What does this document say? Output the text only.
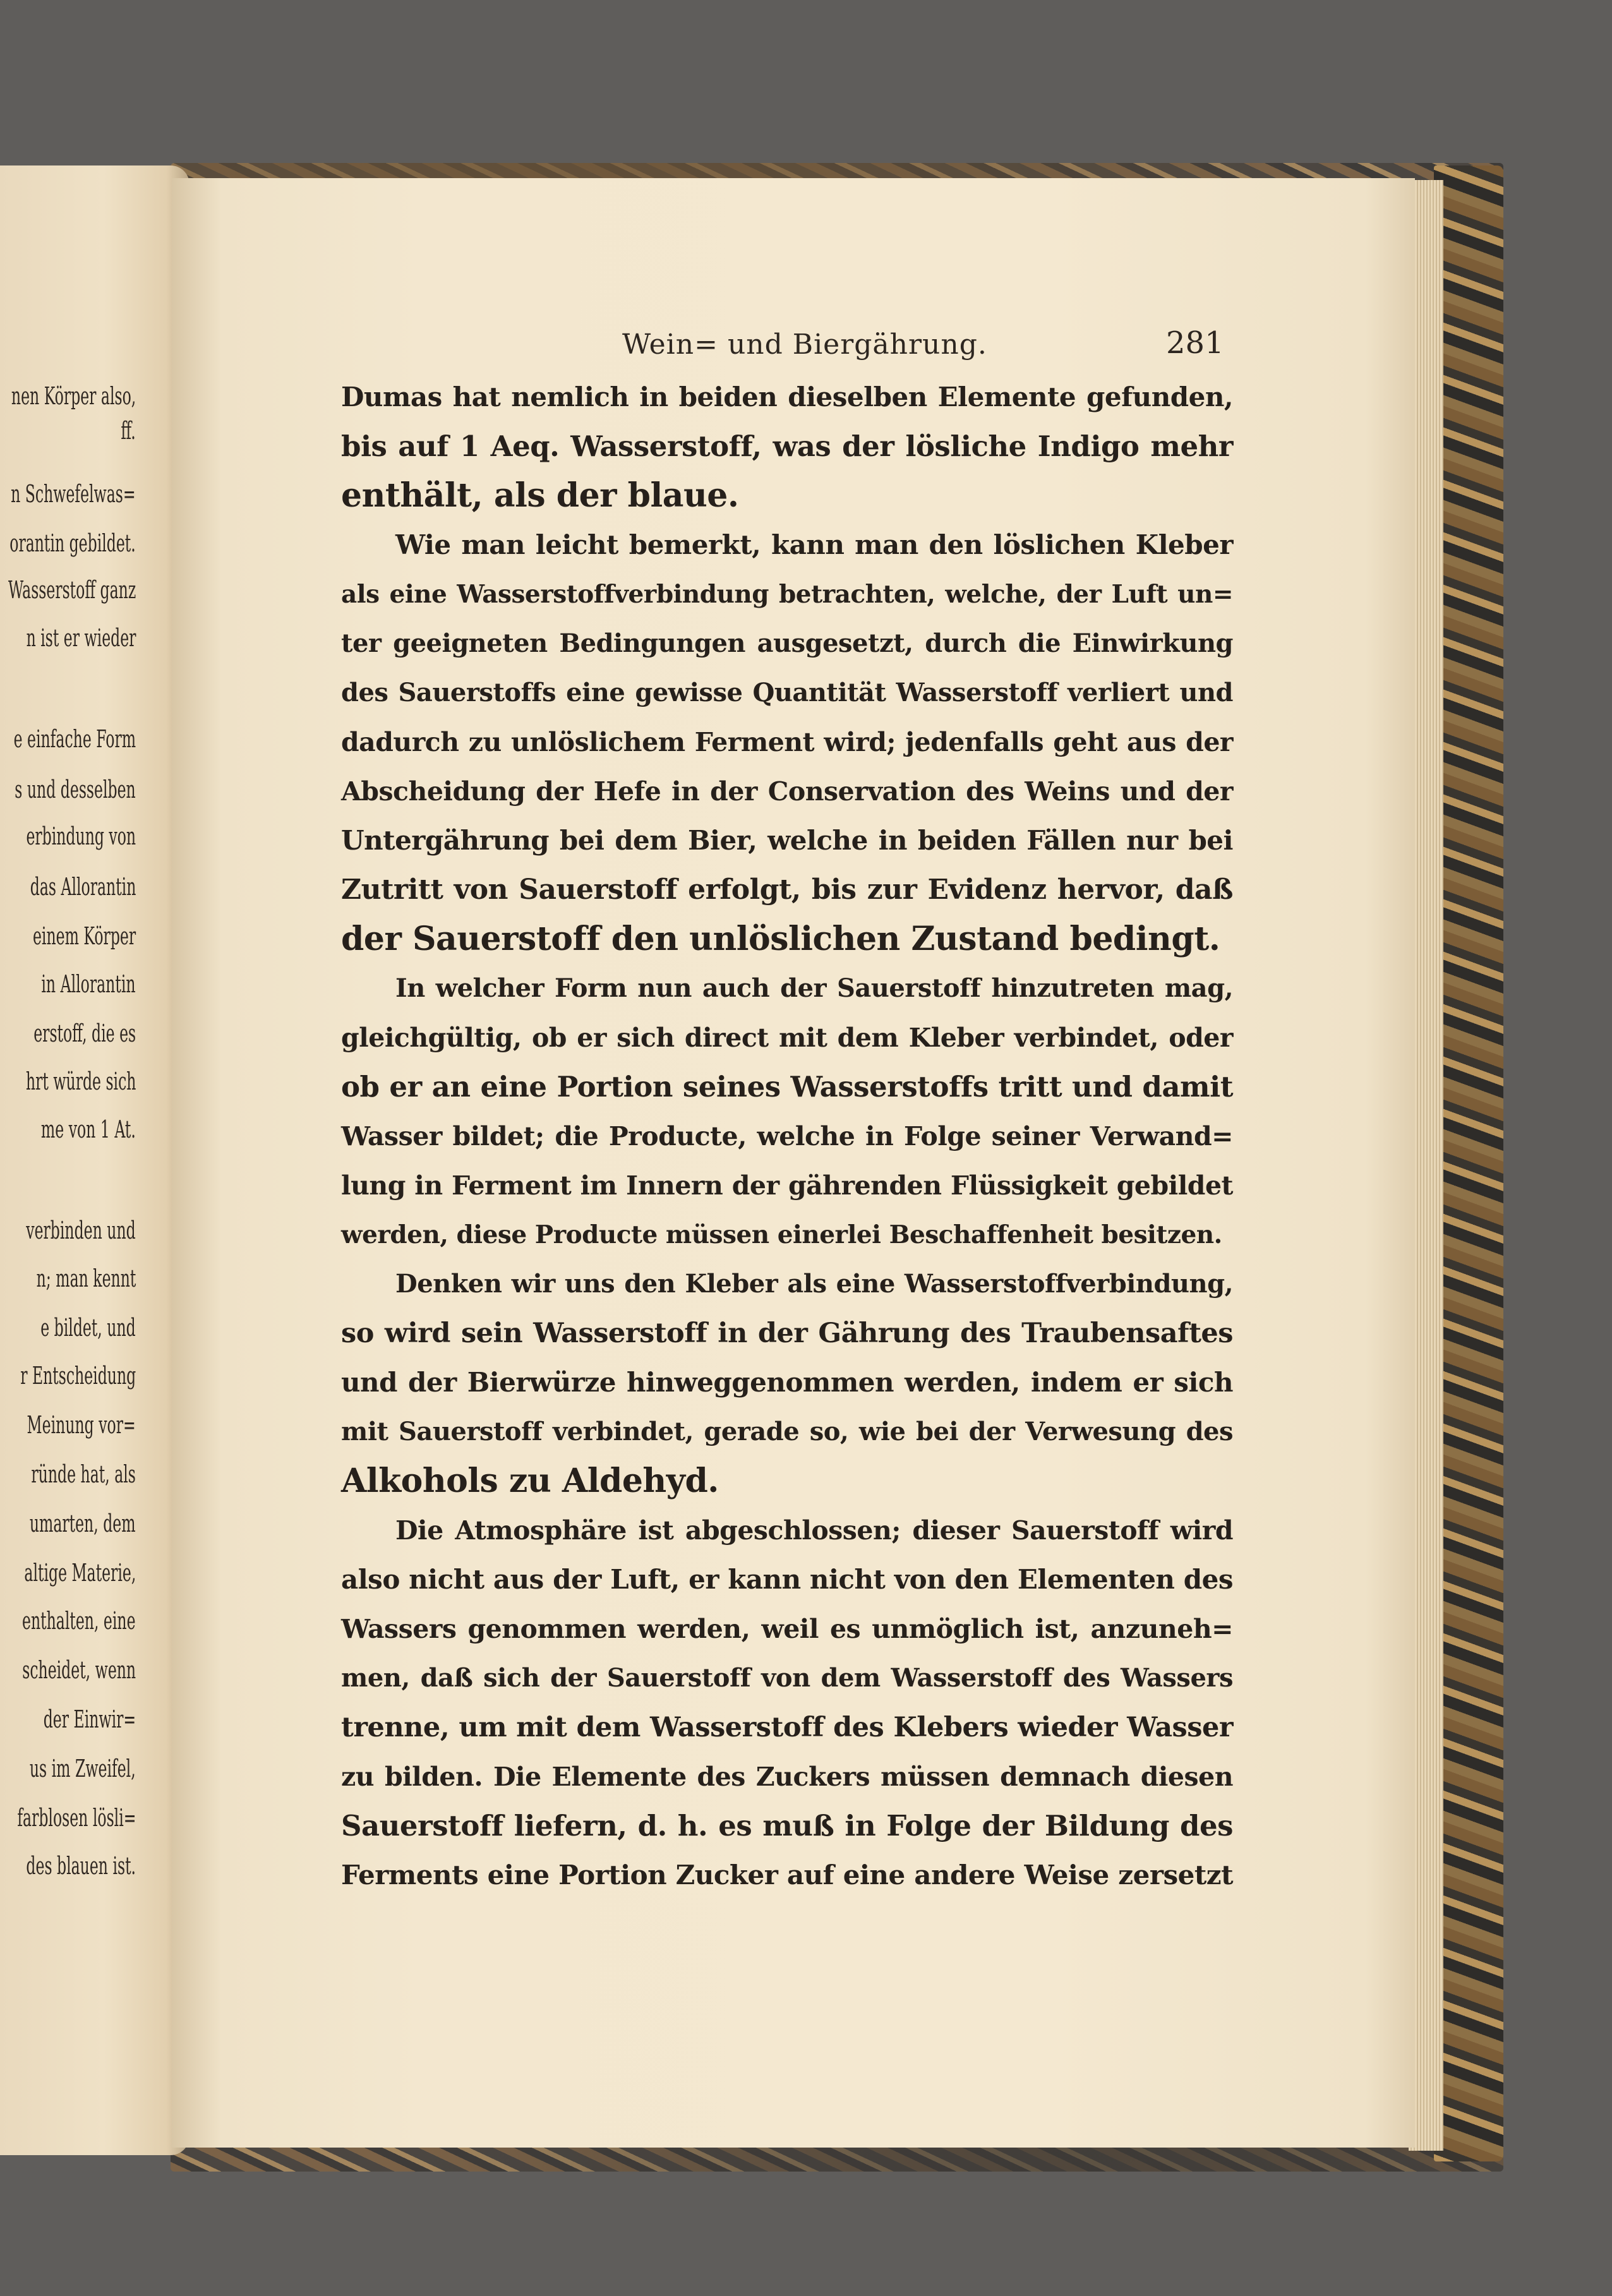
nen Körper also,
ff.
n Schwefelwas=
orantin gebildet.
Wasserstoff ganz
n ist er wieder
e einfache Form
s und desselben
erbindung von
das Allorantin
einem Körper
in Allorantin
erstoff, die es
hrt würde sich
me von 1 At.
verbinden und
n; man kennt
e bildet, und
r Entscheidung
Meinung vor=
ründe hat, als
umarten, dem
altige Materie,
enthalten, eine
scheidet, wenn
der Einwir=
us im Zweifel,
farblosen lösli=
des blauen ist.
Wein= und Biergährung.	281
Dumas hat nemlich in beiden dieselben Elemente gefunden,
bis auf 1 Aeq. Wasserstoff, was der lösliche Indigo mehr
enthält, als der blaue.
Wie man leicht bemerkt, kann man den löslichen Kleber
als eine Wasserstoffverbindung betrachten, welche, der Luft un=
ter geeigneten Bedingungen ausgesetzt, durch die Einwirkung
des Sauerstoffs eine gewisse Quantität Wasserstoff verliert und
dadurch zu unlöslichem Ferment wird; jedenfalls geht aus der
Abscheidung der Hefe in der Conservation des Weins und der
Untergährung bei dem Bier, welche in beiden Fällen nur bei
Zutritt von Sauerstoff erfolgt, bis zur Evidenz hervor, daß
der Sauerstoff den unlöslichen Zustand bedingt.
In welcher Form nun auch der Sauerstoff hinzutreten mag,
gleichgültig, ob er sich direct mit dem Kleber verbindet, oder
ob er an eine Portion seines Wasserstoffs tritt und damit
Wasser bildet; die Producte, welche in Folge seiner Verwand=
lung in Ferment im Innern der gährenden Flüssigkeit gebildet
werden, diese Producte müssen einerlei Beschaffenheit besitzen.
Denken wir uns den Kleber als eine Wasserstoffverbindung,
so wird sein Wasserstoff in der Gährung des Traubensaftes
und der Bierwürze hinweggenommen werden, indem er sich
mit Sauerstoff verbindet, gerade so, wie bei der Verwesung des
Alkohols zu Aldehyd.
Die Atmosphäre ist abgeschlossen; dieser Sauerstoff wird
also nicht aus der Luft, er kann nicht von den Elementen des
Wassers genommen werden, weil es unmöglich ist, anzuneh=
men, daß sich der Sauerstoff von dem Wasserstoff des Wassers
trenne, um mit dem Wasserstoff des Klebers wieder Wasser
zu bilden. Die Elemente des Zuckers müssen demnach diesen
Sauerstoff liefern, d. h. es muß in Folge der Bildung des
Ferments eine Portion Zucker auf eine andere Weise zersetzt
